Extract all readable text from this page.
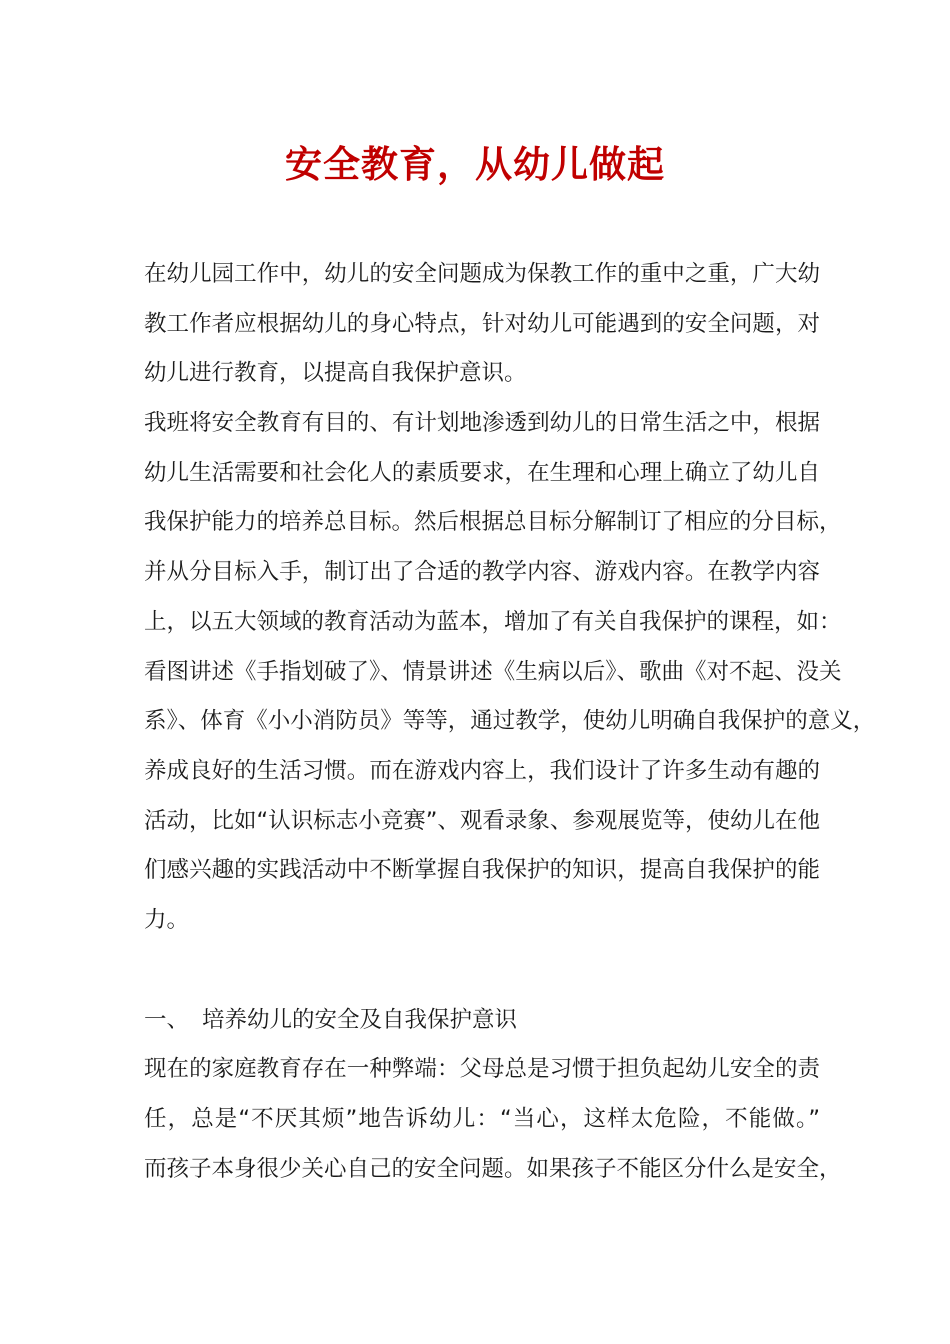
安全教育，从幼儿做起
在幼儿园工作中，幼儿的安全问题成为保教工作的重中之重，广大幼
教工作者应根据幼儿的身心特点，针对幼儿可能遇到的安全问题，对
幼儿进行教育，以提高自我保护意识。
我班将安全教育有目的、有计划地渗透到幼儿的日常生活之中，根据
幼儿生活需要和社会化人的素质要求，在生理和心理上确立了幼儿自
我保护能力的培养总目标。然后根据总目标分解制订了相应的分目标，
并从分目标入手，制订出了合适的教学内容、游戏内容。在教学内容
上，以五大领域的教育活动为蓝本，增加了有关自我保护的课程，如：
看图讲述《手指划破了》、情景讲述《生病以后》、歌曲《对不起、没关
系》、体育《小小消防员》等等，通过教学，使幼儿明确自我保护的意义，
养成良好的生活习惯。而在游戏内容上，我们设计了许多生动有趣的
活动，比如“认识标志小竞赛”、观看录象、参观展览等，使幼儿在他
们感兴趣的实践活动中不断掌握自我保护的知识，提高自我保护的能
力。
一、 培养幼儿的安全及自我保护意识
现在的家庭教育存在一种弊端：父母总是习惯于担负起幼儿安全的责
任，总是“不厌其烦”地告诉幼儿：“当心，这样太危险，不能做。”
而孩子本身很少关心自己的安全问题。如果孩子不能区分什么是安全，
